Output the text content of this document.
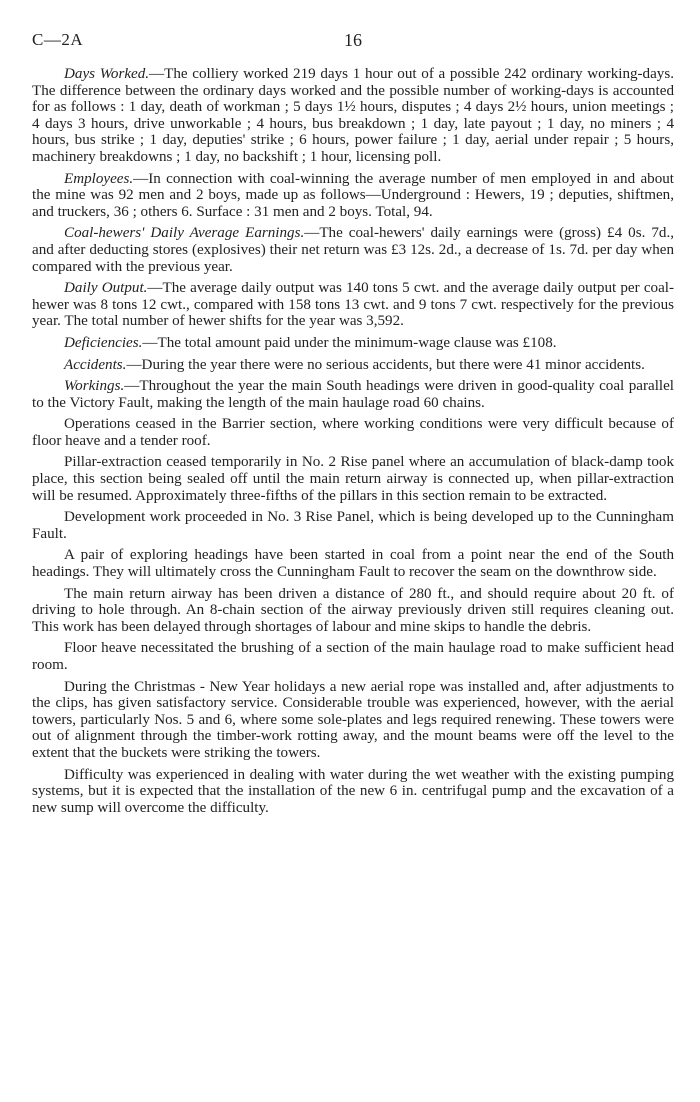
C—2A	16

Days Worked.—The colliery worked 219 days 1 hour out of a possible 242 ordinary working-days. The difference between the ordinary days worked and the possible number of working-days is accounted for as follows : 1 day, death of workman ; 5 days 1½ hours, disputes ; 4 days 2½ hours, union meetings ; 4 days 3 hours, drive unworkable ; 4 hours, bus breakdown ; 1 day, late payout ; 1 day, no miners ; 4 hours, bus strike ; 1 day, deputies' strike ; 6 hours, power failure ; 1 day, aerial under repair ; 5 hours, machinery breakdowns ; 1 day, no backshift ; 1 hour, licensing poll.

Employees.—In connection with coal-winning the average number of men employed in and about the mine was 92 men and 2 boys, made up as follows—Underground : Hewers, 19 ; deputies, shiftmen, and truckers, 36 ; others 6. Surface : 31 men and 2 boys. Total, 94.

Coal-hewers' Daily Average Earnings.—The coal-hewers' daily earnings were (gross) £4 0s. 7d., and after deducting stores (explosives) their net return was £3 12s. 2d., a decrease of 1s. 7d. per day when compared with the previous year.

Daily Output.—The average daily output was 140 tons 5 cwt. and the average daily output per coal-hewer was 8 tons 12 cwt., compared with 158 tons 13 cwt. and 9 tons 7 cwt. respectively for the previous year. The total number of hewer shifts for the year was 3,592.

Deficiencies.—The total amount paid under the minimum-wage clause was £108.

Accidents.—During the year there were no serious accidents, but there were 41 minor accidents.

Workings.—Throughout the year the main South headings were driven in good-quality coal parallel to the Victory Fault, making the length of the main haulage road 60 chains.

Operations ceased in the Barrier section, where working conditions were very difficult because of floor heave and a tender roof.

Pillar-extraction ceased temporarily in No. 2 Rise panel where an accumulation of black-damp took place, this section being sealed off until the main return airway is connected up, when pillar-extraction will be resumed. Approximately three-fifths of the pillars in this section remain to be extracted.

Development work proceeded in No. 3 Rise Panel, which is being developed up to the Cunningham Fault.

A pair of exploring headings have been started in coal from a point near the end of the South headings. They will ultimately cross the Cunningham Fault to recover the seam on the downthrow side.

The main return airway has been driven a distance of 280 ft., and should require about 20 ft. of driving to hole through. An 8-chain section of the airway previously driven still requires cleaning out. This work has been delayed through shortages of labour and mine skips to handle the debris.

Floor heave necessitated the brushing of a section of the main haulage road to make sufficient head room.

During the Christmas - New Year holidays a new aerial rope was installed and, after adjustments to the clips, has given satisfactory service. Considerable trouble was experienced, however, with the aerial towers, particularly Nos. 5 and 6, where some sole-plates and legs required renewing. These towers were out of alignment through the timber-work rotting away, and the mount beams were off the level to the extent that the buckets were striking the towers.

Difficulty was experienced in dealing with water during the wet weather with the existing pumping systems, but it is expected that the installation of the new 6 in. centrifugal pump and the excavation of a new sump will overcome the difficulty.
